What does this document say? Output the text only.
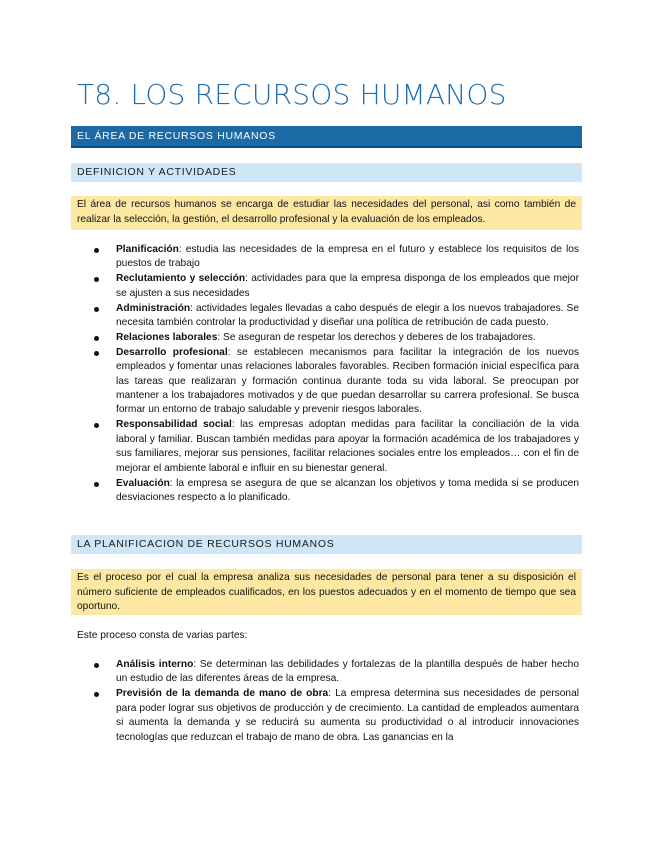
T8. LOS RECURSOS HUMANOS
EL ÁREA DE RECURSOS HUMANOS
DEFINICION Y ACTIVIDADES
El área de recursos humanos se encarga de estudiar las necesidades del personal, asi como también de realizar la selección, la gestión, el desarrollo profesional y la evaluación de los empleados.
Planificación: estudia las necesidades de la empresa en el futuro y establece los requisitos de los puestos de trabajo
Reclutamiento y selección: actividades para que la empresa disponga de los empleados que mejor se ajusten a sus necesidades
Administración: actividades legales llevadas a cabo después de elegir a los nuevos trabajadores. Se necesita también controlar la productividad y diseñar una política de retribución de cada puesto.
Relaciones laborales: Se aseguran de respetar los derechos y deberes de los trabajadores.
Desarrollo profesional: se establecen mecanismos para facilitar la integración de los nuevos empleados y fomentar unas relaciones laborales favorables. Reciben formación inicial específica para las tareas que realizaran y formación continua durante toda su vida laboral. Se preocupan por mantener a los trabajadores motivados y de que puedan desarrollar su carrera profesional. Se busca formar un entorno de trabajo saludable y prevenir riesgos laborales.
Responsabilidad social: las empresas adoptan medidas para facilitar la conciliación de la vida laboral y familiar. Buscan también medidas para apoyar la formación académica de los trabajadores y sus familiares, mejorar sus pensiones, facilitar relaciones sociales entre los empleados… con el fin de mejorar el ambiente laboral e influir en su bienestar general.
Evaluación: la empresa se asegura de que se alcanzan los objetivos y toma medida si se producen desviaciones respecto a lo planificado.
LA PLANIFICACION DE RECURSOS HUMANOS
Es el proceso por el cual la empresa analiza sus necesidades de personal para tener a su disposición el número suficiente de empleados cualificados, en los puestos adecuados y en el momento de tiempo que sea oportuno.
Este proceso consta de varias partes:
Análisis interno: Se determinan las debilidades y fortalezas de la plantilla después de haber hecho un estudio de las diferentes áreas de la empresa.
Previsión de la demanda de mano de obra: La empresa determina sus necesidades de personal para poder lograr sus objetivos de producción y de crecimiento. La cantidad de empleados aumentara si aumenta la demanda y se reducirá su aumenta su productividad o al introducir innovaciones tecnologías que reduzcan el trabajo de mano de obra. Las ganancias en la
